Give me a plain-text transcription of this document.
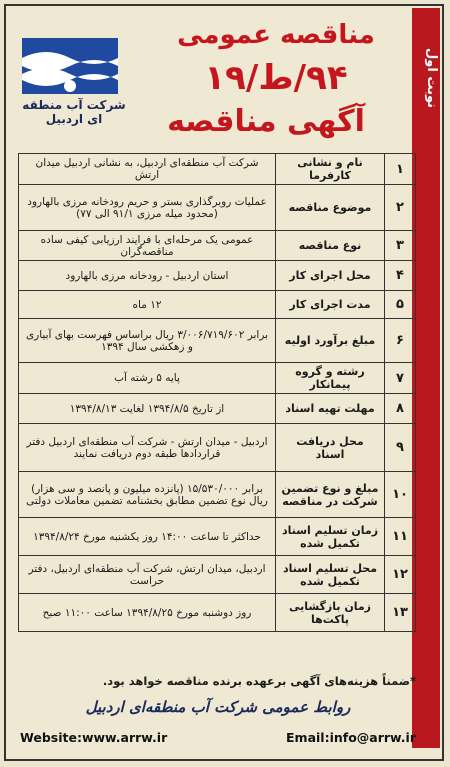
نوبت اول
شرکت آب منطقه ای اردبیل
مناقصه عمومی
۹۴/ط/۱۹
آگهی مناقصه
۱	نام و نشانی کارفرما	شرکت آب منطقه‌ای اردبیل، به نشانی اردبیل میدان ارتش
۲	موضوع مناقصه	عملیات روبرگذاری بستر و حریم رودخانه مرزی بالهارود (محدود میله مرزی ۹۱/۱ الی ۷۷)
۳	نوع مناقصه	عمومی یک مرحله‌ای با فرایند ارزیابی کیفی ساده مناقصه‌گران
۴	محل اجرای کار	استان اردبیل - رودخانه مرزی بالهارود
۵	مدت اجرای کار	۱۲ ماه
۶	مبلغ برآورد اولیه	برابر ۳/۰۰۶/۷۱۹/۶۰۲ ریال براساس فهرست بهای آبیاری و زهکشی سال ۱۳۹۴
۷	رشته و گروه پیمانکار	پایه ۵ رشته آب
۸	مهلت تهیه اسناد	از تاریخ ۱۳۹۴/۸/۵ لغایت ۱۳۹۴/۸/۱۳
۹	محل دریافت اسناد	اردبیل - میدان ارتش - شرکت آب منطقه‌ای اردبیل دفتر قراردادها طبقه دوم دریافت نمایند
۱۰	مبلغ و نوع تضمین شرکت در مناقصه	برابر ۱۵/۵۳۰/۰۰۰ (پانزده میلیون و پانصد و سی هزار) ریال نوع تضمین مطابق بخشنامه تضمین معاملات دولتی
۱۱	زمان تسلیم اسناد تکمیل شده	حداکثر تا ساعت ۱۴:۰۰ روز یکشنبه مورخ ۱۳۹۴/۸/۲۴
۱۲	محل تسلیم اسناد تکمیل شده	اردبیل، میدان ارتش، شرکت آب منطقه‌ای اردبیل، دفتر حراست
۱۳	زمان بازگشایی پاکت‌ها	روز دوشنبه مورخ ۱۳۹۴/۸/۲۵ ساعت ۱۱:۰۰ صبح
*ضمناً هزینه‌های آگهی برعهده برنده مناقصه خواهد بود.
روابط عمومی شرکت آب منطقه‌ای اردبیل
Website:www.arrw.ir	Email:info@arrw.ir
